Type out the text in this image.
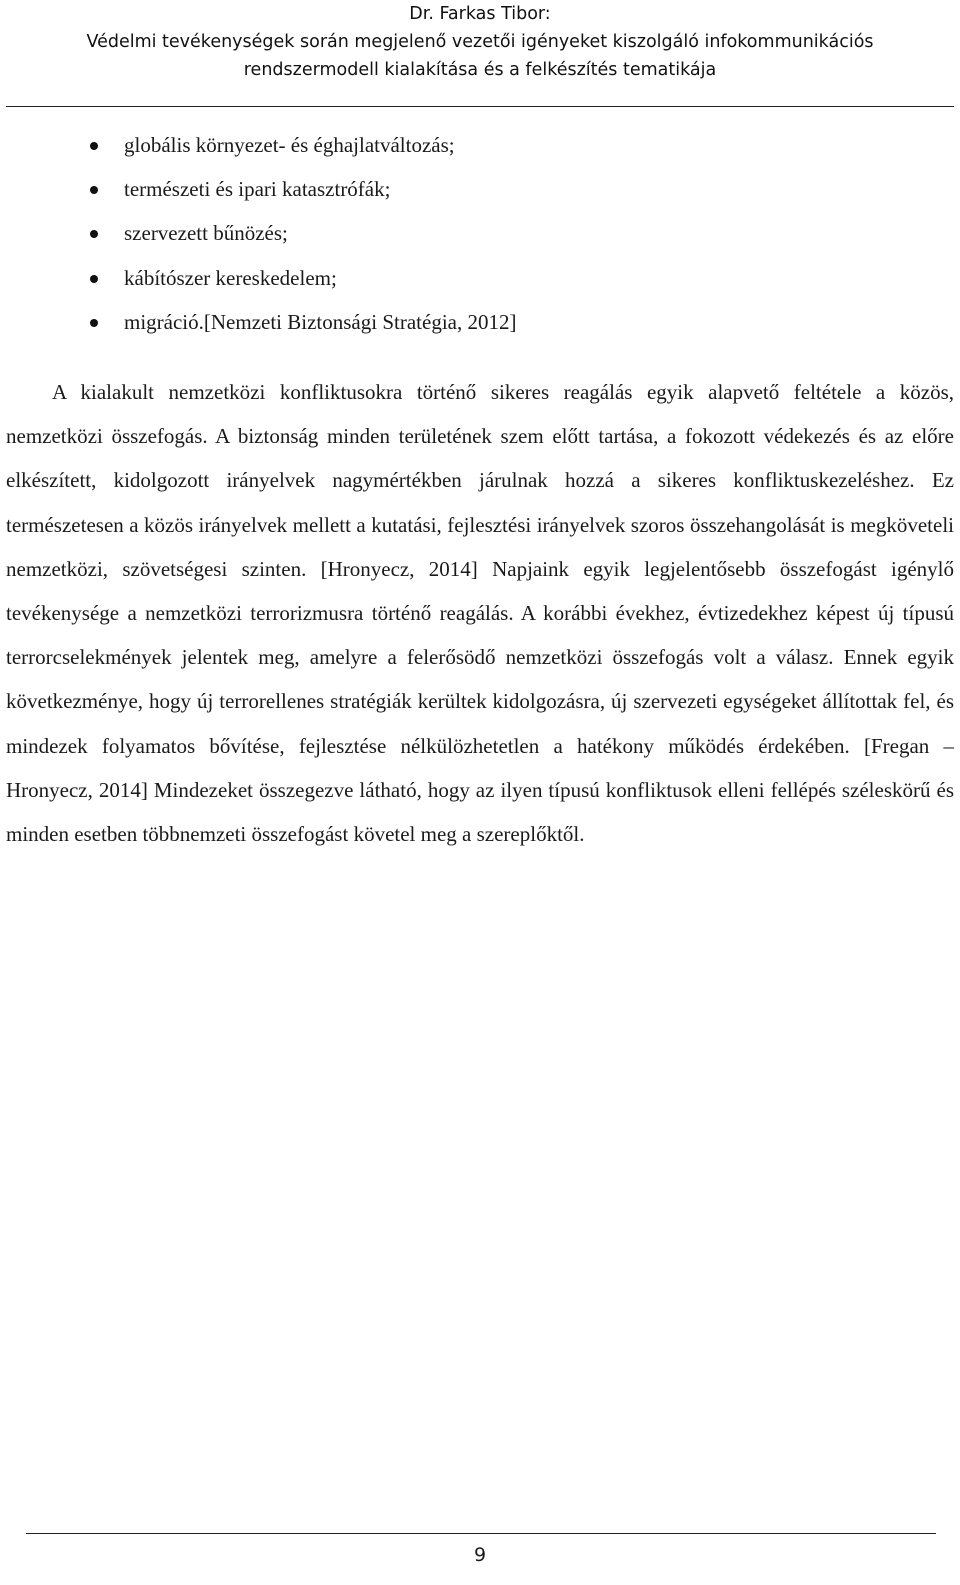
Dr. Farkas Tibor:
Védelmi tevékenységek során megjelenő vezetői igényeket kiszolgáló infokommunikációs
rendszermodell kialakítása és a felkészítés tematikája
globális környezet- és éghajlatváltozás;
természeti és ipari katasztrófák;
szervezett bűnözés;
kábítószer kereskedelem;
migráció.[Nemzeti Biztonsági Stratégia, 2012]

A kialakult nemzetközi konfliktusokra történő sikeres reagálás egyik alapvető feltétele a közös, nemzetközi összefogás. A biztonság minden területének szem előtt tartása, a fokozott védekezés és az előre elkészített, kidolgozott irányelvek nagymértékben járulnak hozzá a sikeres konfliktuskezeléshez. Ez természetesen a közös irányelvek mellett a kutatási, fejlesztési irányelvek szoros összehangolását is megköveteli nemzetközi, szövetségesi szinten. [Hronyecz, 2014] Napjaink egyik legjelentősebb összefogást igénylő tevékenysége a nemzetközi terrorizmusra történő reagálás. A korábbi évekhez, évtizedekhez képest új típusú terrorcselekmények jelentek meg, amelyre a felerősödő nemzetközi összefogás volt a válasz. Ennek egyik következménye, hogy új terrorellenes stratégiák kerültek kidolgozásra, új szervezeti egységeket állítottak fel, és mindezek folyamatos bővítése, fejlesztése nélkülözhetetlen a hatékony működés érdekében. [Fregan – Hronyecz, 2014] Mindezeket összegezve látható, hogy az ilyen típusú konfliktusok elleni fellépés széleskörű és minden esetben többnemzeti összefogást követel meg a szereplőktől.

9
